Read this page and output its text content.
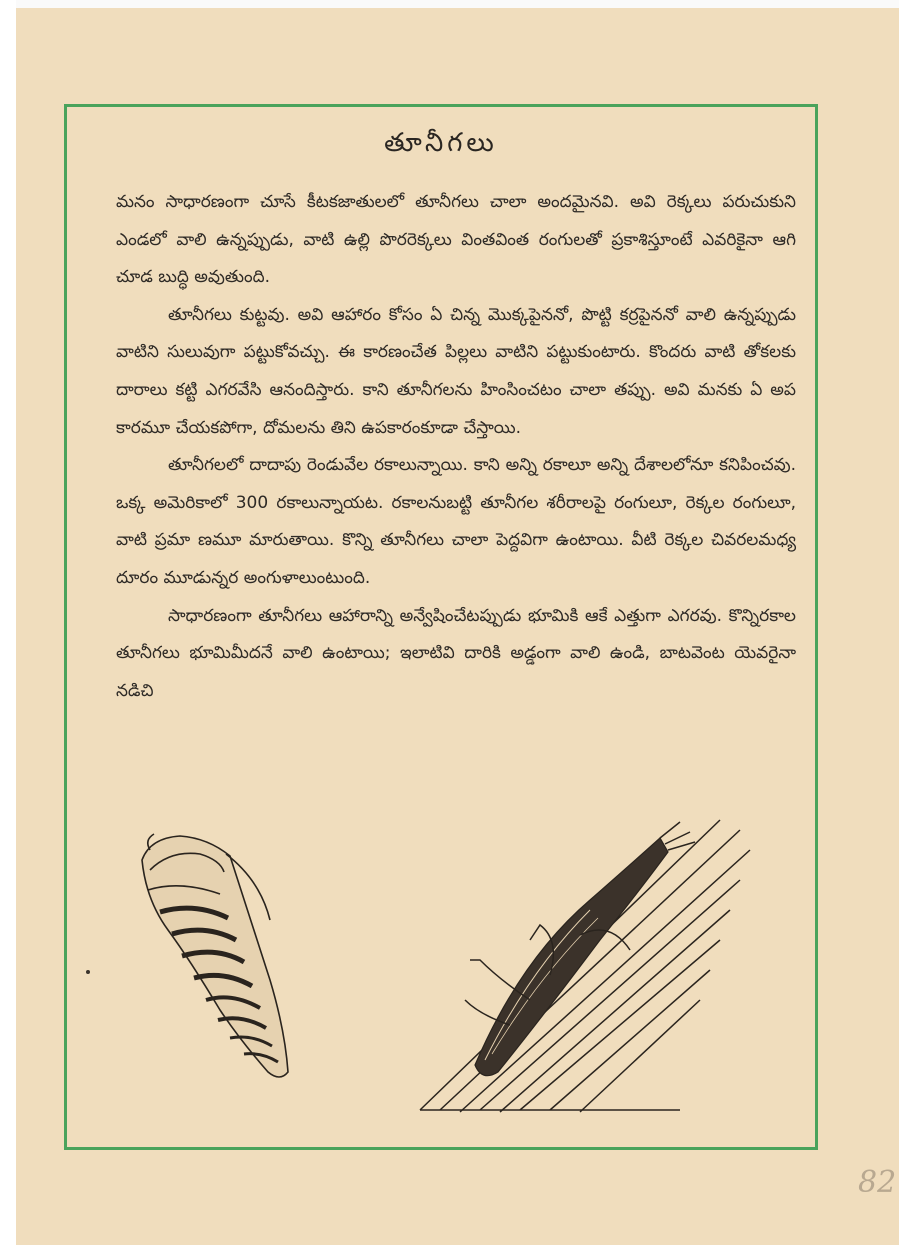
తూనీగలు

మనం సాధారణంగా చూసే కీటకజాతులలో తూనీగలు చాలా అందమైనవి. అవి రెక్కలు పరుచుకుని ఎండలో వాలి ఉన్నప్పుడు, వాటి ఉల్లి పొరరెక్కలు వింతవింత రంగులతో ప్రకాశిస్తూంటే ఎవరికైనా ఆగి చూడ బుద్ధి అవుతుంది.

తూనీగలు కుట్టవు. అవి ఆహారం కోసం ఏ చిన్న మొక్కపైననో, పొట్టి కర్రపైననో వాలి ఉన్నప్పుడు వాటిని సులువుగా పట్టుకోవచ్చు. ఈ కారణంచేత పిల్లలు వాటిని పట్టుకుంటారు. కొందరు వాటి తోకలకు దారాలు కట్టి ఎగరవేసి ఆనందిస్తారు. కాని తూనీగలను హింసించటం చాలా తప్పు. అవి మనకు ఏ అప కారమూ చేయకపోగా, దోమలను తిని ఉపకారంకూడా చేస్తాయి.

తూనీగలలో దాదాపు రెండువేల రకాలున్నాయి. కాని అన్ని రకాలూ అన్ని దేశాలలోనూ కనిపించవు. ఒక్క అమెరికాలో 300 రకాలున్నాయట. రకాలనుబట్టి తూనీగల శరీరాలపై రంగులూ, రెక్కల రంగులూ, వాటి ప్రమా ణమూ మారుతాయి. కొన్ని తూనీగలు చాలా పెద్దవిగా ఉంటాయి. వీటి రెక్కల చివరలమధ్య దూరం మూడున్నర అంగుళాలుంటుంది.

సాధారణంగా తూనీగలు ఆహారాన్ని అన్వేషించేటప్పుడు భూమికి ఆకే ఎత్తుగా ఎగరవు. కొన్నిరకాల తూనీగలు భూమిమీదనే వాలి ఉంటాయి; ఇలాటివి దారికి అడ్డంగా వాలి ఉండి, బాటవెంట యెవరైనా నడిచి

82
